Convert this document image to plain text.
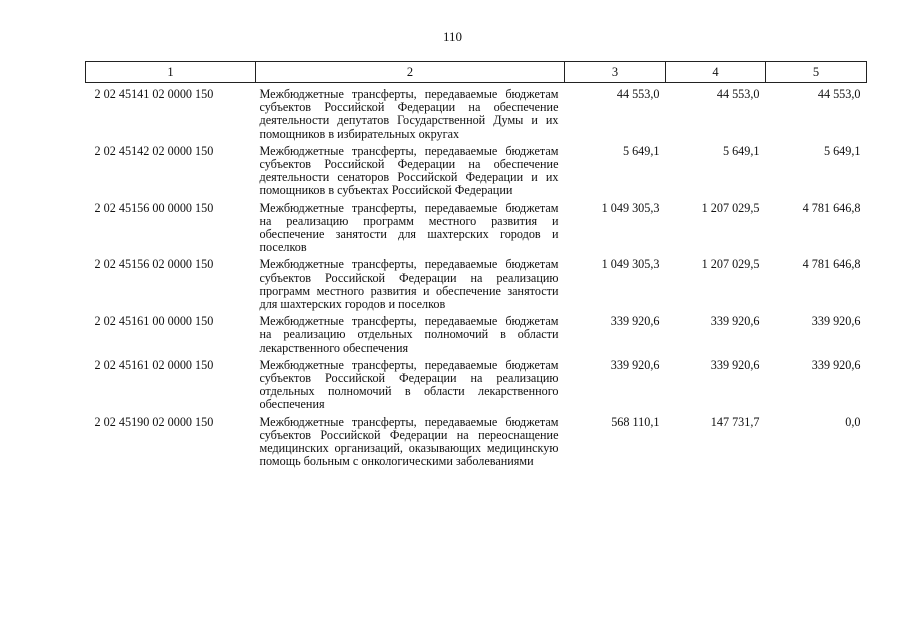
110
1	2	3	4	5
2 02 45141 02 0000 150	Межбюджетные трансферты, передаваемые бюджетам субъектов Российской Федерации на обеспечение деятельности депутатов Государственной Думы и их помощников в избирательных округах	44 553,0	44 553,0	44 553,0
2 02 45142 02 0000 150	Межбюджетные трансферты, передаваемые бюджетам субъектов Российской Федерации на обеспечение деятельности сенаторов Российской Федерации и их помощников в субъектах Российской Федерации	5 649,1	5 649,1	5 649,1
2 02 45156 00 0000 150	Межбюджетные трансферты, передаваемые бюджетам на реализацию программ местного развития и обеспечение занятости для шахтерских городов и поселков	1 049 305,3	1 207 029,5	4 781 646,8
2 02 45156 02 0000 150	Межбюджетные трансферты, передаваемые бюджетам субъектов Российской Федерации на реализацию программ местного развития и обеспечение занятости для шахтерских городов и поселков	1 049 305,3	1 207 029,5	4 781 646,8
2 02 45161 00 0000 150	Межбюджетные трансферты, передаваемые бюджетам на реализацию отдельных полномочий в области лекарственного обеспечения	339 920,6	339 920,6	339 920,6
2 02 45161 02 0000 150	Межбюджетные трансферты, передаваемые бюджетам субъектов Российской Федерации на реализацию отдельных полномочий в области лекарственного обеспечения	339 920,6	339 920,6	339 920,6
2 02 45190 02 0000 150	Межбюджетные трансферты, передаваемые бюджетам субъектов Российской Федерации на переоснащение медицинских организаций, оказывающих медицинскую помощь больным с онкологическими заболеваниями	568 110,1	147 731,7	0,0
